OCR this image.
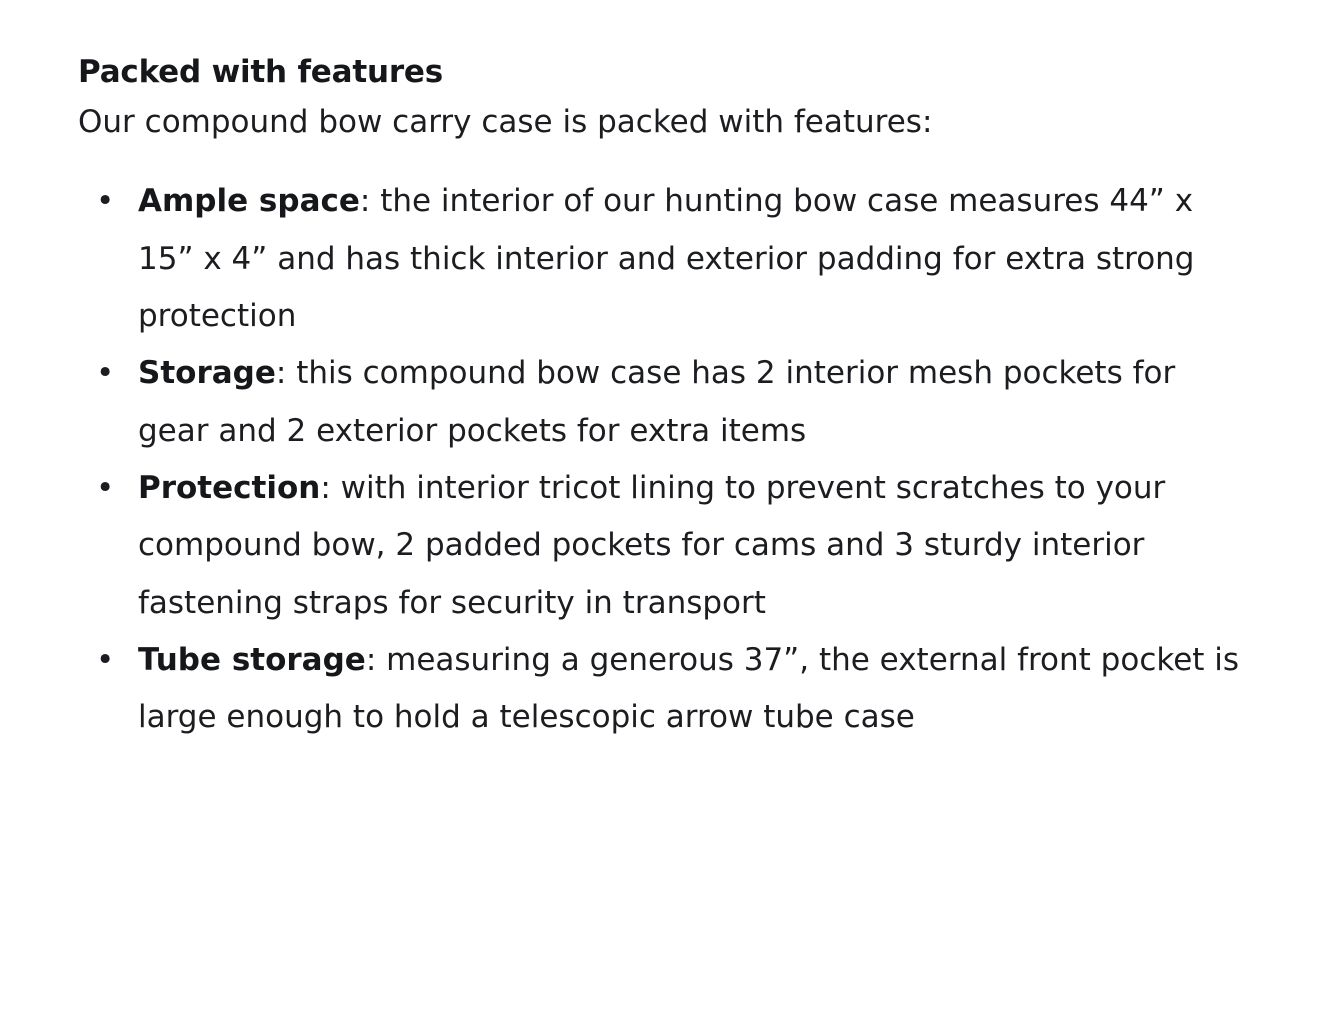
Packed with features

Our compound bow carry case is packed with features:

• Ample space: the interior of our hunting bow case measures 44” x 15” x 4” and has thick interior and exterior padding for extra strong protection
• Storage: this compound bow case has 2 interior mesh pockets for gear and 2 exterior pockets for extra items
• Protection: with interior tricot lining to prevent scratches to your compound bow, 2 padded pockets for cams and 3 sturdy interior fastening straps for security in transport
• Tube storage: measuring a generous 37”, the external front pocket is large enough to hold a telescopic arrow tube case
